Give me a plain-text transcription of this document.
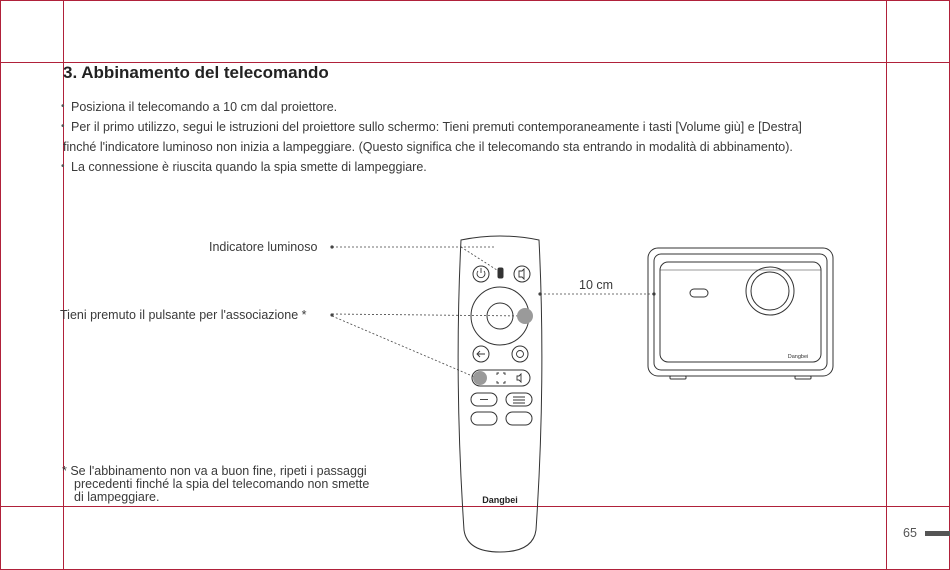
3. Abbinamento del telecomando
• Posiziona il telecomando a 10 cm dal proiettore.
• Per il primo utilizzo, segui le istruzioni del proiettore sullo schermo: Tieni premuti contemporaneamente i tasti [Volume giù] e [Destra]
finché l'indicatore luminoso non inizia a lampeggiare. (Questo significa che il telecomando sta entrando in modalità di abbinamento).
• La connessione è riuscita quando la spia smette di lampeggiare.
Dangbei
Dangbei
Indicatore luminoso
Tieni premuto il pulsante per l'associazione *
10 cm
* Se l'abbinamento non va a buon fine, ripeti i passaggi
precedenti finché la spia del telecomando non smette
di lampeggiare.
65
